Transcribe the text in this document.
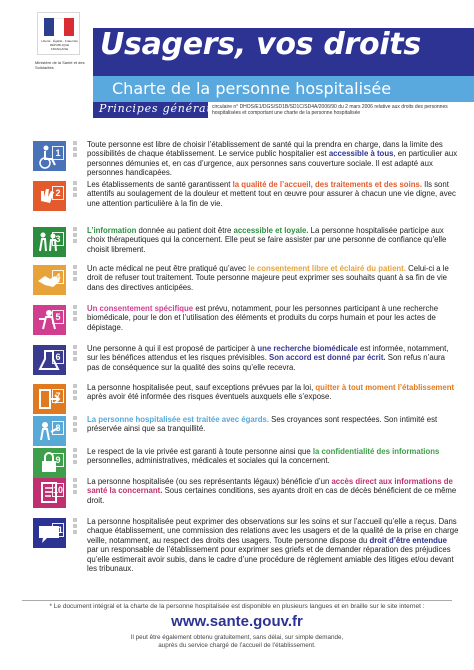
Liberté · Égalité · Fraternité RÉPUBLIQUE FRANÇAISE
Ministère de la Santé et des Solidarités
Usagers, vos droits
Charte de la personne hospitalisée
Principes généraux*
circulaire n° DHOS/E1/DGS/SD1B/SD1C/SD4A/2006/90 du 2 mars 2006 relative aux droits des personnes hospitalisées et comportant une charte de la personne hospitalisée
1
Toute personne est libre de choisir l’établissement de santé qui la prendra en charge, dans la limite des possibilités de chaque établissement. Le service public hospitalier est accessible à tous, en particulier aux personnes démunies et, en cas d’urgence, aux personnes sans couverture sociale. Il est adapté aux personnes handicapées.
2
Les établissements de santé garantissent la qualité de l’accueil, des traitements et des soins. Ils sont attentifs au soulagement de la douleur et mettent tout en œuvre pour assurer à chacun une vie digne, avec une attention particulière à la fin de vie.
3
L’information donnée au patient doit être accessible et loyale. La personne hospitalisée participe aux choix thérapeutiques qui la concernent. Elle peut se faire assister par une personne de confiance qu’elle choisit librement.
4
Un acte médical ne peut être pratiqué qu’avec le consentement libre et éclairé du patient. Celui-ci a le droit de refuser tout traitement. Toute personne majeure peut exprimer ses souhaits quant à sa fin de vie dans des directives anticipées.
5
Un consentement spécifique est prévu, notamment, pour les personnes participant à une recherche biomédicale, pour le don et l’utilisation des éléments et produits du corps humain et pour les actes de dépistage.
6
Une personne à qui il est proposé de participer à une recherche biomédicale est informée, notamment, sur les bénéfices attendus et les risques prévisibles. Son accord est donné par écrit. Son refus n’aura pas de conséquence sur la qualité des soins qu’elle recevra.
7
La personne hospitalisée peut, sauf exceptions prévues par la loi, quitter à tout moment l’établissement après avoir été informée des risques éventuels auxquels elle s’expose.
8
La personne hospitalisée est traitée avec égards. Ses croyances sont respectées. Son intimité est préservée ainsi que sa tranquillité.
9
Le respect de la vie privée est garanti à toute personne ainsi que la confidentialité des informations personnelles, administratives, médicales et sociales qui la concernent.
10
La personne hospitalisée (ou ses représentants légaux) bénéficie d’un accès direct aux informations de santé la concernant. Sous certaines conditions, ses ayants droit en cas de décès bénéficient de ce même droit.
11
La personne hospitalisée peut exprimer des observations sur les soins et sur l’accueil qu’elle a reçus. Dans chaque établissement, une commission des relations avec les usagers et de la qualité de la prise en charge veille, notamment, au respect des droits des usagers. Toute personne dispose du droit d’être entendue par un responsable de l’établissement pour exprimer ses griefs et de demander réparation des préjudices qu’elle estimerait avoir subis, dans le cadre d’une procédure de règlement amiable des litiges et/ou devant les tribunaux.
* Le document intégral et la charte de la personne hospitalisée est disponible en plusieurs langues et en braille sur le site internet :
www.sante.gouv.fr
Il peut être également obtenu gratuitement, sans délai, sur simple demande,
auprès du service chargé de l’accueil de l’établissement.
